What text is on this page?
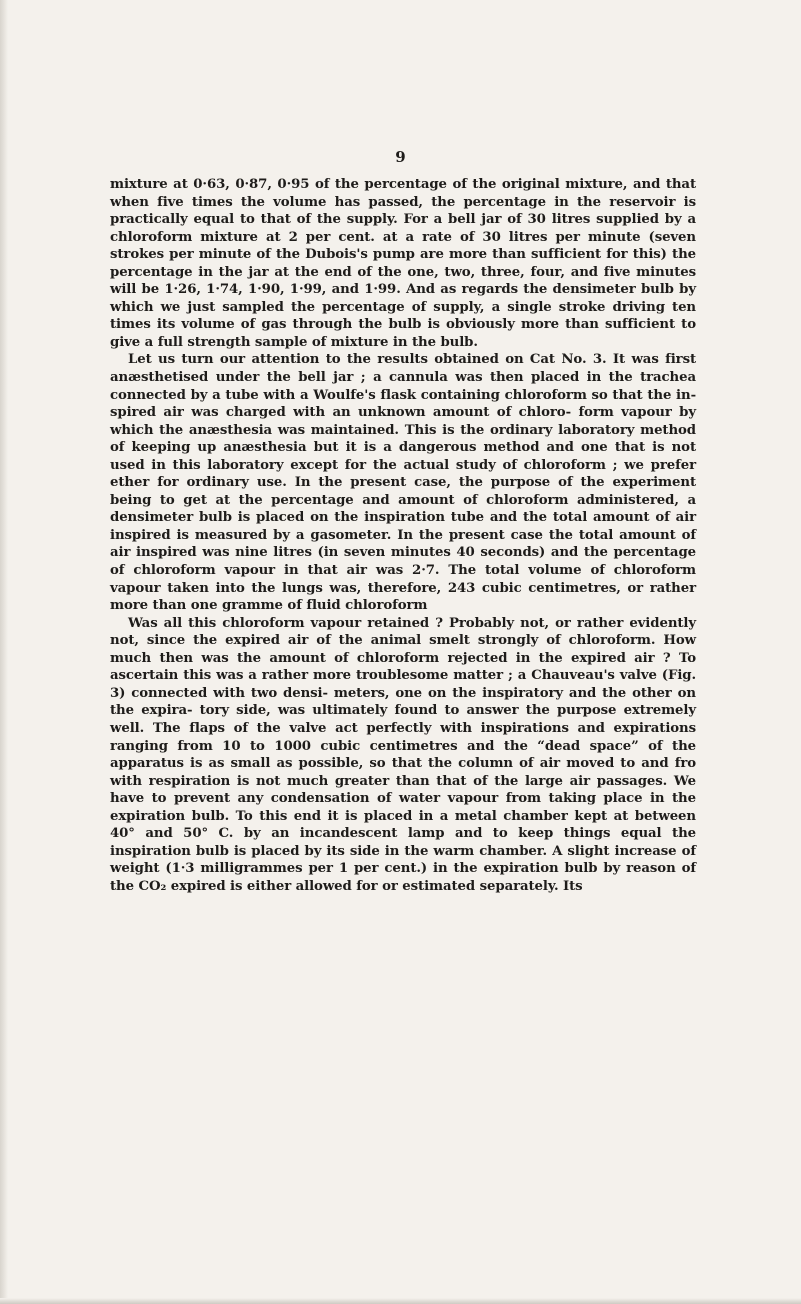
9

mixture at 0·63, 0·87, 0·95 of the percentage of the original mixture, and that when five times the volume has passed, the percentage in the reservoir is practically equal to that of the supply. For a bell jar of 30 litres supplied by a chloroform mixture at 2 per cent. at a rate of 30 litres per minute (seven strokes per minute of the Dubois's pump are more than sufficient for this) the percentage in the jar at the end of the one, two, three, four, and five minutes will be 1·26, 1·74, 1·90, 1·99, and 1·99. And as regards the densimeter bulb by which we just sampled the percentage of supply, a single stroke driving ten times its volume of gas through the bulb is obviously more than sufficient to give a full strength sample of mixture in the bulb.

Let us turn our attention to the results obtained on Cat No. 3. It was first anæsthetised under the bell jar ; a cannula was then placed in the trachea connected by a tube with a Woulfe's flask containing chloroform so that the in- spired air was charged with an unknown amount of chloro- form vapour by which the anæsthesia was maintained. This is the ordinary laboratory method of keeping up anæsthesia but it is a dangerous method and one that is not used in this laboratory except for the actual study of chloroform ; we prefer ether for ordinary use. In the present case, the purpose of the experiment being to get at the percentage and amount of chloroform administered, a densimeter bulb is placed on the inspiration tube and the total amount of air inspired is measured by a gasometer. In the present case the total amount of air inspired was nine litres (in seven minutes 40 seconds) and the percentage of chloroform vapour in that air was 2·7. The total volume of chloroform vapour taken into the lungs was, therefore, 243 cubic centimetres, or rather more than one gramme of fluid chloroform

Was all this chloroform vapour retained ? Probably not, or rather evidently not, since the expired air of the animal smelt strongly of chloroform. How much then was the amount of chloroform rejected in the expired air ? To ascertain this was a rather more troublesome matter ; a Chauveau's valve (Fig. 3) connected with two densi- meters, one on the inspiratory and the other on the expira- tory side, was ultimately found to answer the purpose extremely well. The flaps of the valve act perfectly with inspirations and expirations ranging from 10 to 1000 cubic centimetres and the “dead space” of the apparatus is as small as possible, so that the column of air moved to and fro with respiration is not much greater than that of the large air passages. We have to prevent any condensation of water vapour from taking place in the expiration bulb. To this end it is placed in a metal chamber kept at between 40° and 50° C. by an incandescent lamp and to keep things equal the inspiration bulb is placed by its side in the warm chamber. A slight increase of weight (1·3 milligrammes per 1 per cent.) in the expiration bulb by reason of the CO₂ expired is either allowed for or estimated separately. Its
